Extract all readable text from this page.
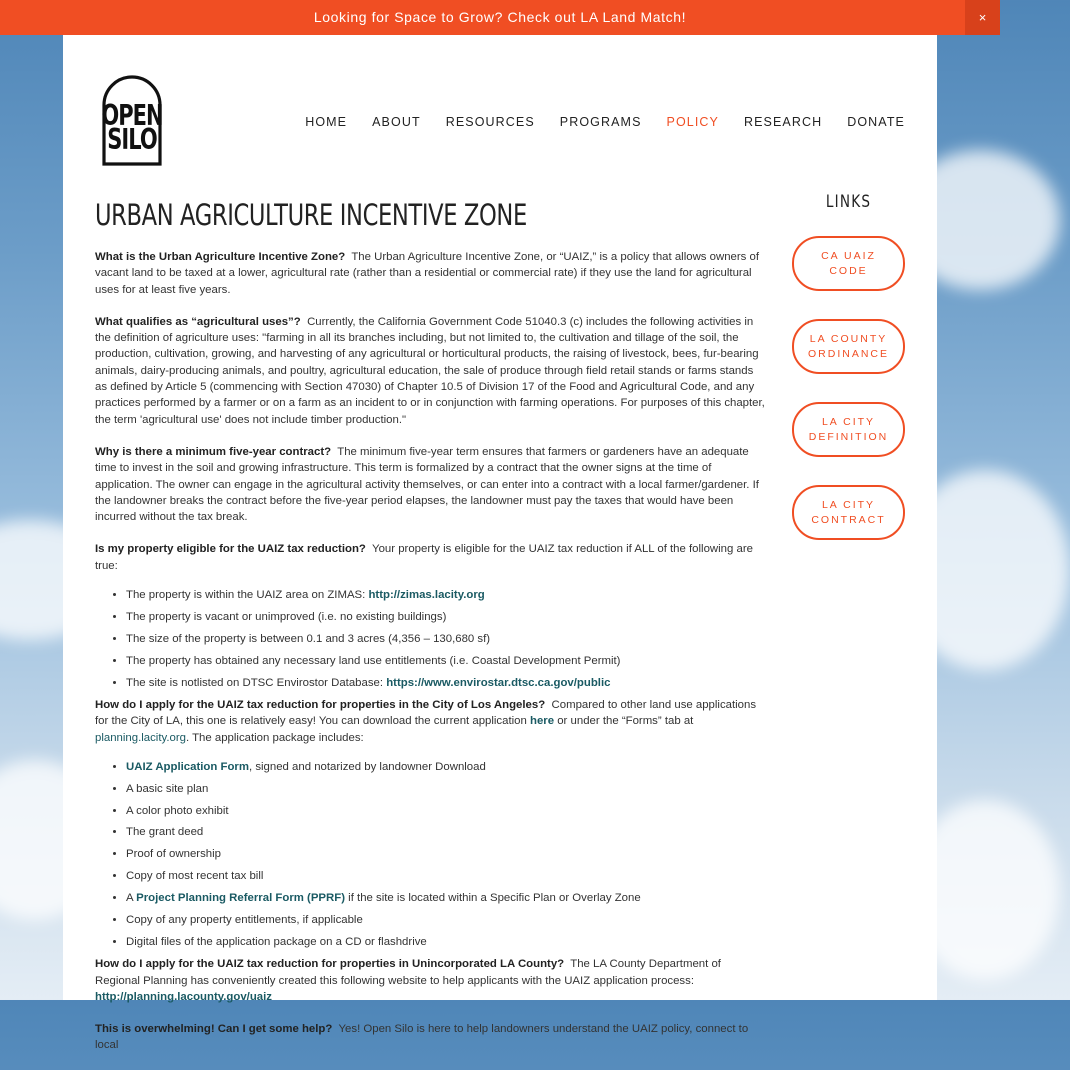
Looking for Space to Grow? Check out LA Land Match!	×
OPEN
SILO
HOME ABOUT RESOURCES PROGRAMS POLICY RESEARCH DONATE
URBAN AGRICULTURE INCENTIVE ZONE

What is the Urban Agriculture Incentive Zone? The Urban Agriculture Incentive Zone, or “UAIZ,” is a policy that allows owners of vacant land to be taxed at a lower, agricultural rate (rather than a residential or commercial rate) if they use the land for agricultural uses for at least five years.

What qualifies as “agricultural uses”? Currently, the California Government Code 51040.3 (c) includes the following activities in the definition of agriculture uses: "farming in all its branches including, but not limited to, the cultivation and tillage of the soil, the production, cultivation, growing, and harvesting of any agricultural or horticultural products, the raising of livestock, bees, fur-bearing animals, dairy-producing animals, and poultry, agricultural education, the sale of produce through field retail stands or farms stands as defined by Article 5 (commencing with Section 47030) of Chapter 10.5 of Division 17 of the Food and Agricultural Code, and any practices performed by a farmer or on a farm as an incident to or in conjunction with farming operations. For purposes of this chapter, the term 'agricultural use' does not include timber production."

Why is there a minimum five-year contract? The minimum five-year term ensures that farmers or gardeners have an adequate time to invest in the soil and growing infrastructure. This term is formalized by a contract that the owner signs at the time of application. The owner can engage in the agricultural activity themselves, or can enter into a contract with a local farmer/gardener. If the landowner breaks the contract before the five-year period elapses, the landowner must pay the taxes that would have been incurred without the tax break.

Is my property eligible for the UAIZ tax reduction? Your property is eligible for the UAIZ tax reduction if ALL of the following are true:

• The property is within the UAIZ area on ZIMAS: http://zimas.lacity.org
• The property is vacant or unimproved (i.e. no existing buildings)
• The size of the property is between 0.1 and 3 acres (4,356 – 130,680 sf)
• The property has obtained any necessary land use entitlements (i.e. Coastal Development Permit)
• The site is notlisted on DTSC Envirostor Database: https://www.envirostar.dtsc.ca.gov/public

How do I apply for the UAIZ tax reduction for properties in the City of Los Angeles? Compared to other land use applications for the City of LA, this one is relatively easy! You can download the current application here or under the “Forms” tab at planning.lacity.org. The application package includes:

• UAIZ Application Form, signed and notarized by landowner Download
• A basic site plan
• A color photo exhibit
• The grant deed
• Proof of ownership
• Copy of most recent tax bill
• A Project Planning Referral Form (PPRF) if the site is located within a Specific Plan or Overlay Zone
• Copy of any property entitlements, if applicable
• Digital files of the application package on a CD or flashdrive

How do I apply for the UAIZ tax reduction for properties in Unincorporated LA County? The LA County Department of Regional Planning has conveniently created this following website to help applicants with the UAIZ application process: http://planning.lacounty.gov/uaiz

This is overwhelming! Can I get some help? Yes! Open Silo is here to help landowners understand the UAIZ policy, connect to local

LINKS
CA UAIZ
CODE
LA COUNTY
ORDINANCE
LA CITY
DEFINITION
LA CITY
CONTRACT
